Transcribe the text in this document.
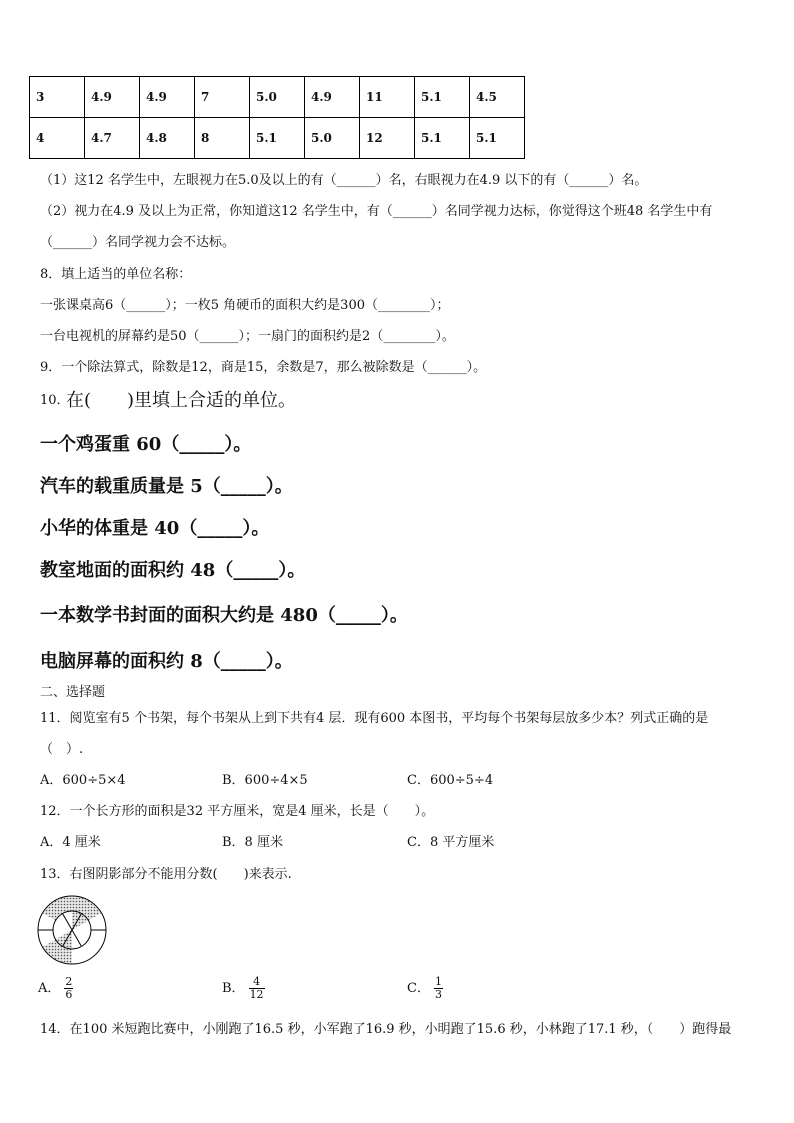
3	4.9	4.9	7	5.0	4.9	11	5.1	4.5
4	4.7	4.8	8	5.1	5.0	12	5.1	5.1
（1）这12 名学生中，左眼视力在5.0及以上的有（______）名，右眼视力在4.9 以下的有（______）名。
（2）视力在4.9 及以上为正常，你知道这12 名学生中，有（______）名同学视力达标，你觉得这个班48 名学生中有
（______）名同学视力会不达标。
8．填上适当的单位名称：
一张课桌高6（______）；一枚5 角硬币的面积大约是300（________）；
一台电视机的屏幕约是50（______）；一扇门的面积约是2（________）。
9．一个除法算式，除数是12，商是15，余数是7，那么被除数是（______）。
10．
在(　　)里填上合适的单位。
一个鸡蛋重 60（_____）。
汽车的载重质量是 5（_____）。
小华的体重是 40（_____）。
教室地面的面积约 48（_____）。
一本数学书封面的面积大约是 480（_____）。
电脑屏幕的面积约 8（_____）。
二、选择题
11．阅览室有5 个书架，每个书架从上到下共有4 层．现有600 本图书，平均每个书架每层放多少本？列式正确的是
（　）.
A．600÷5×4	B．600÷4×5	C．600÷5÷4
12．一个长方形的面积是32 平方厘米，宽是4 厘米，长是（　　）。
A．4 厘米	B．8 厘米	C．8 平方厘米
13．右图阴影部分不能用分数(　　)来表示.
A． $\frac{2}{6}$	B． $\frac{4}{12}$	C． $\frac{1}{3}$
14．在100 米短跑比赛中，小刚跑了16.5 秒，小军跑了16.9 秒，小明跑了15.6 秒，小林跑了17.1 秒，（　　）跑得最
